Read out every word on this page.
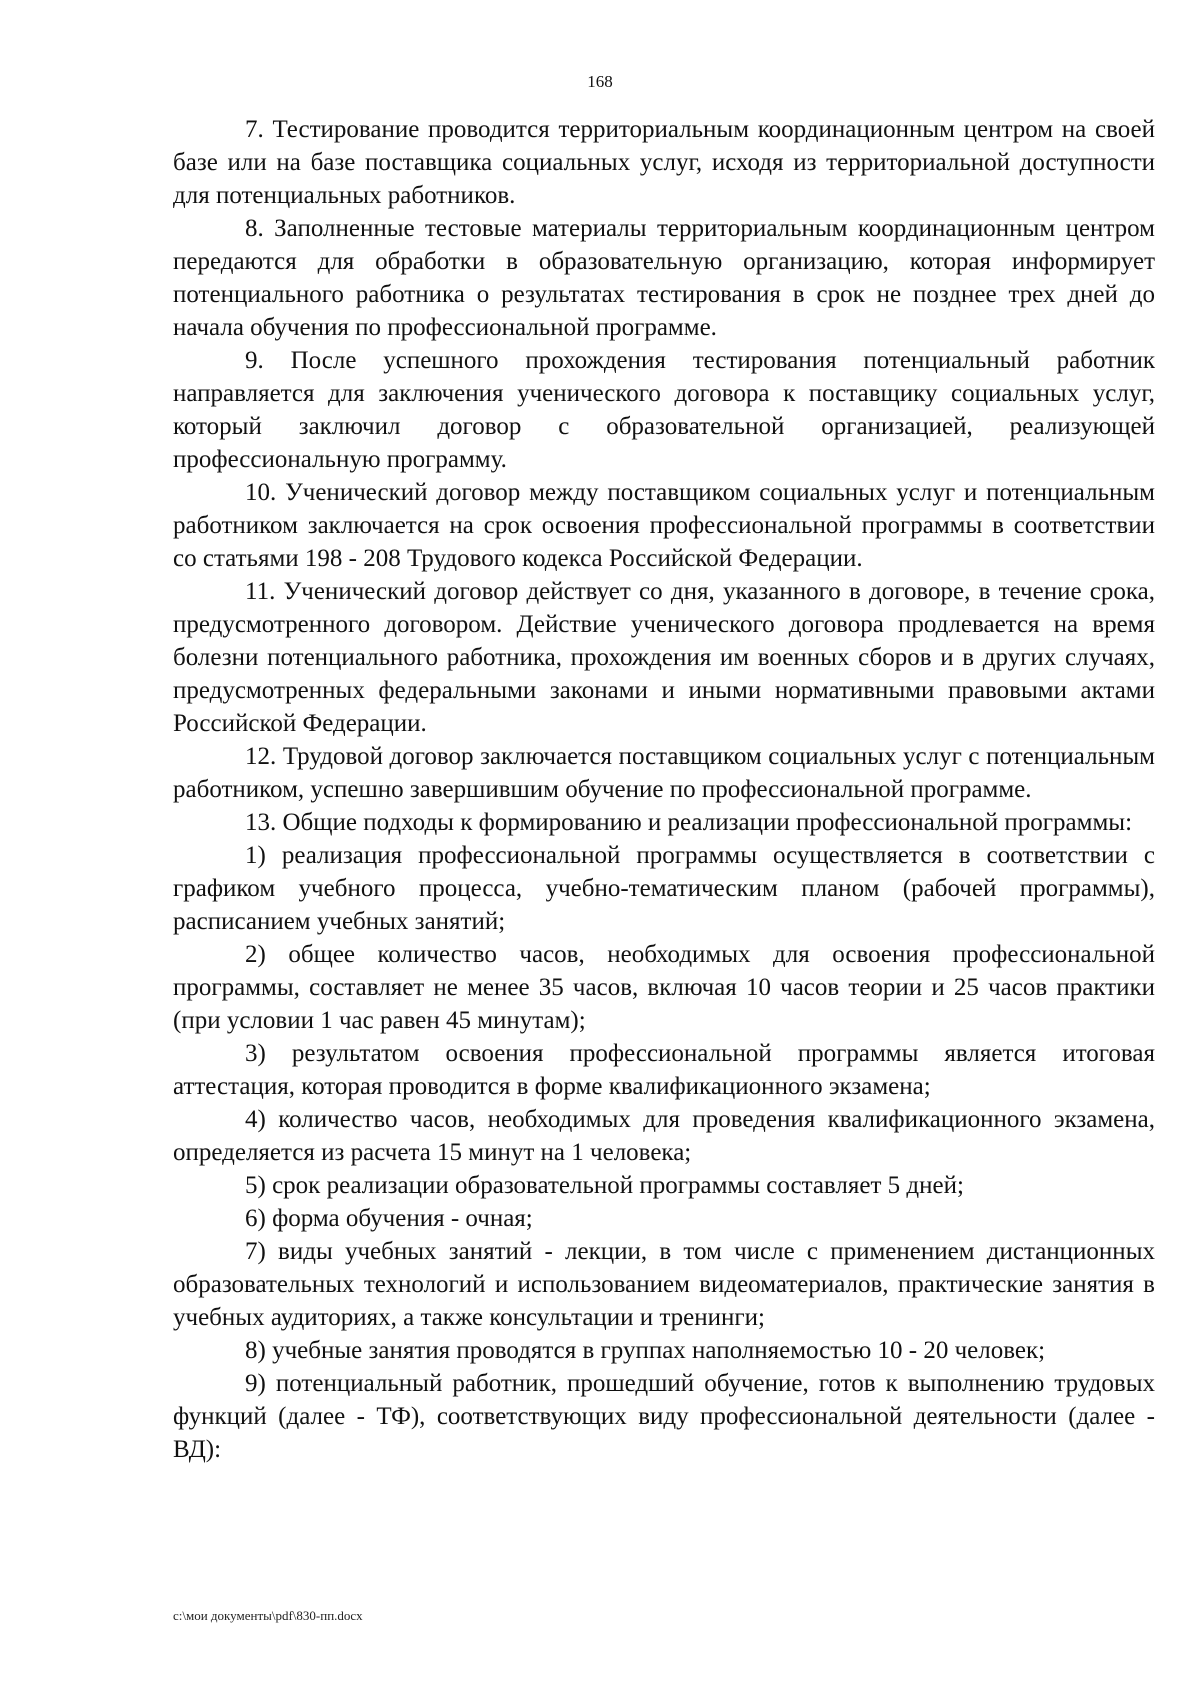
168

7. Тестирование проводится территориальным координационным центром на своей базе или на базе поставщика социальных услуг, исходя из территориальной доступности для потенциальных работников.

8. Заполненные тестовые материалы территориальным координационным центром передаются для обработки в образовательную организацию, которая информирует потенциального работника о результатах тестирования в срок не позднее трех дней до начала обучения по профессиональной программе.

9. После успешного прохождения тестирования потенциальный работник направляется для заключения ученического договора к поставщику социальных услуг, который заключил договор с образовательной организацией, реализующей профессиональную программу.

10. Ученический договор между поставщиком социальных услуг и потенциальным работником заключается на срок освоения профессиональной программы в соответствии со статьями 198 - 208 Трудового кодекса Российской Федерации.

11. Ученический договор действует со дня, указанного в договоре, в течение срока, предусмотренного договором. Действие ученического договора продлевается на время болезни потенциального работника, прохождения им военных сборов и в других случаях, предусмотренных федеральными законами и иными нормативными правовыми актами Российской Федерации.

12. Трудовой договор заключается поставщиком социальных услуг с потенциальным работником, успешно завершившим обучение по профессиональной программе.

13. Общие подходы к формированию и реализации профессиональной программы:

1) реализация профессиональной программы осуществляется в соответствии с графиком учебного процесса, учебно-тематическим планом (рабочей программы), расписанием учебных занятий;

2) общее количество часов, необходимых для освоения профессиональной программы, составляет не менее 35 часов, включая 10 часов теории и 25 часов практики (при условии 1 час равен 45 минутам);

3) результатом освоения профессиональной программы является итоговая аттестация, которая проводится в форме квалификационного экзамена;

4) количество часов, необходимых для проведения квалификационного экзамена, определяется из расчета 15 минут на 1 человека;

5) срок реализации образовательной программы составляет 5 дней;

6) форма обучения - очная;

7) виды учебных занятий - лекции, в том числе с применением дистанционных образовательных технологий и использованием видеоматериалов, практические занятия в учебных аудиториях, а также консультации и тренинги;

8) учебные занятия проводятся в группах наполняемостью 10 - 20 человек;

9) потенциальный работник, прошедший обучение, готов к выполнению трудовых функций (далее - ТФ), соответствующих виду профессиональной деятельности (далее - ВД):

c:\мои документы\pdf\830-пп.docx
